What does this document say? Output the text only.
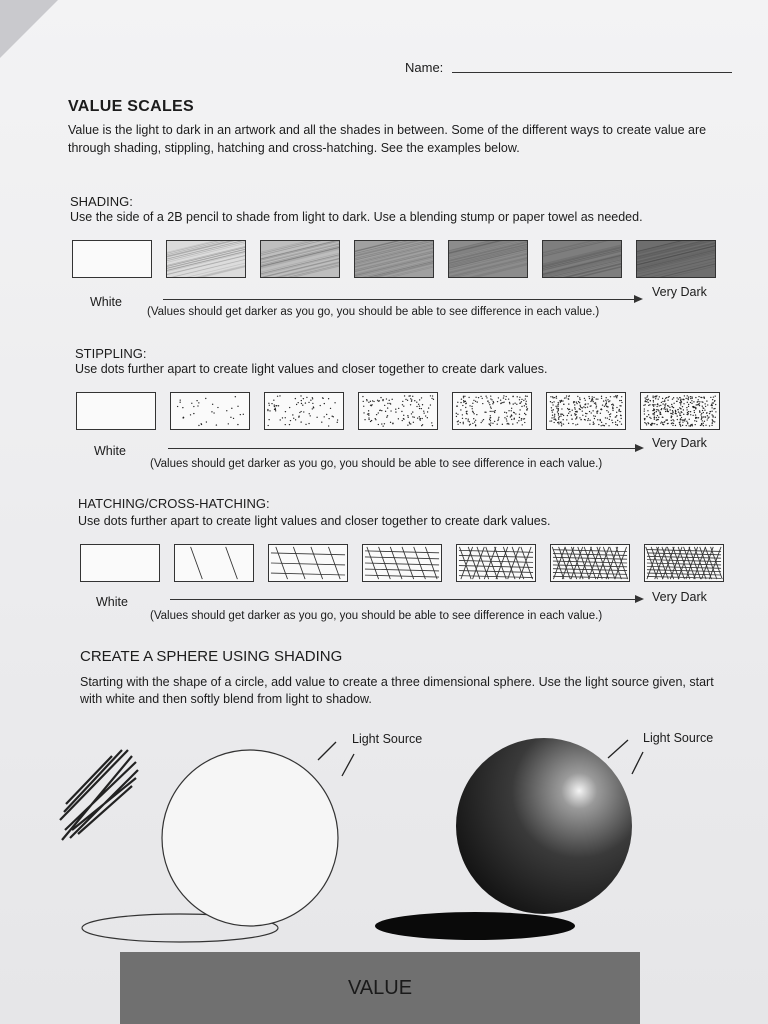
Name:
VALUE SCALES
Value is the light to dark in an artwork and all the shades in between. Some of the different ways to create value are through shading, stippling, hatching and cross-hatching. See the examples below.
SHADING:
Use the side of a 2B pencil to shade from light to dark. Use a blending stump or paper towel as needed.
White
Very Dark
(Values should get darker as you go, you should be able to see difference in each value.)
STIPPLING:
Use dots further apart to create light values and closer together to create dark values.
White
Very Dark
(Values should get darker as you go, you should be able to see difference in each value.)
HATCHING/CROSS-HATCHING:
Use dots further apart to create light values and closer together to create dark values.
White	Very Dark
(Values should get darker as you go, you should be able to see difference in each value.)
CREATE A SPHERE USING SHADING
Starting with the shape of a circle, add value to create a three dimensional sphere. Use the light source given, start with white and then softly blend from light to shadow.
Light Source	Light Source
VALUE
